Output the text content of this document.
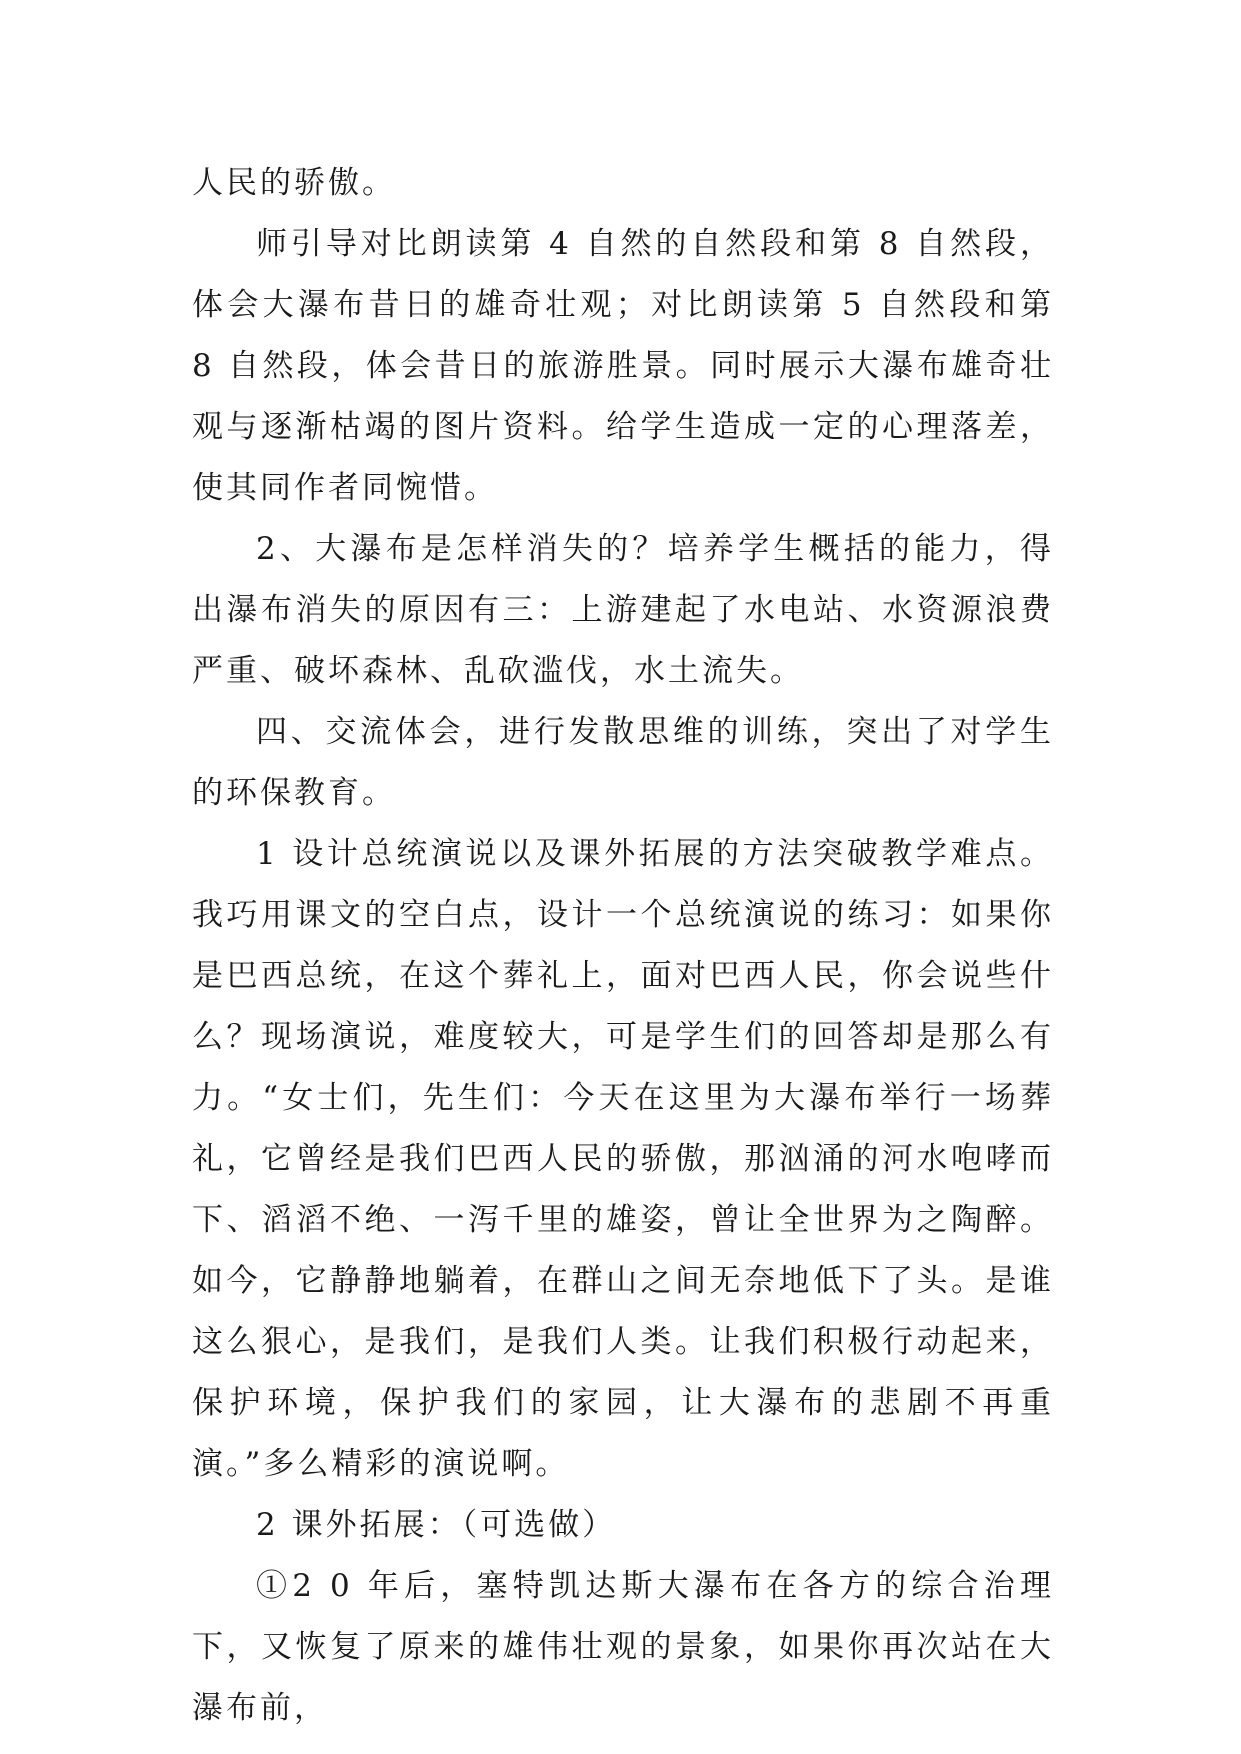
人民的骄傲。

师引导对比朗读第 4 自然的自然段和第 8 自然段，体会大瀑布昔日的雄奇壮观；对比朗读第 5 自然段和第 8 自然段，体会昔日的旅游胜景。同时展示大瀑布雄奇壮观与逐渐枯竭的图片资料。给学生造成一定的心理落差，使其同作者同惋惜。

2、大瀑布是怎样消失的？培养学生概括的能力，得出瀑布消失的原因有三：上游建起了水电站、水资源浪费严重、破坏森林、乱砍滥伐，水土流失。

四、交流体会，进行发散思维的训练，突出了对学生的环保教育。

1 设计总统演说以及课外拓展的方法突破教学难点。我巧用课文的空白点，设计一个总统演说的练习：如果你是巴西总统，在这个葬礼上，面对巴西人民，你会说些什么？现场演说，难度较大，可是学生们的回答却是那么有力。“女士们，先生们：今天在这里为大瀑布举行一场葬礼，它曾经是我们巴西人民的骄傲，那汹涌的河水咆哮而下、滔滔不绝、一泻千里的雄姿，曾让全世界为之陶醉。如今，它静静地躺着，在群山之间无奈地低下了头。是谁这么狠心，是我们，是我们人类。让我们积极行动起来，保护环境，保护我们的家园，让大瀑布的悲剧不再重演。”多么精彩的演说啊。

2 课外拓展：（可选做）

①2 0 年后，塞特凯达斯大瀑布在各方的综合治理下，又恢复了原来的雄伟壮观的景象，如果你再次站在大瀑布前，
